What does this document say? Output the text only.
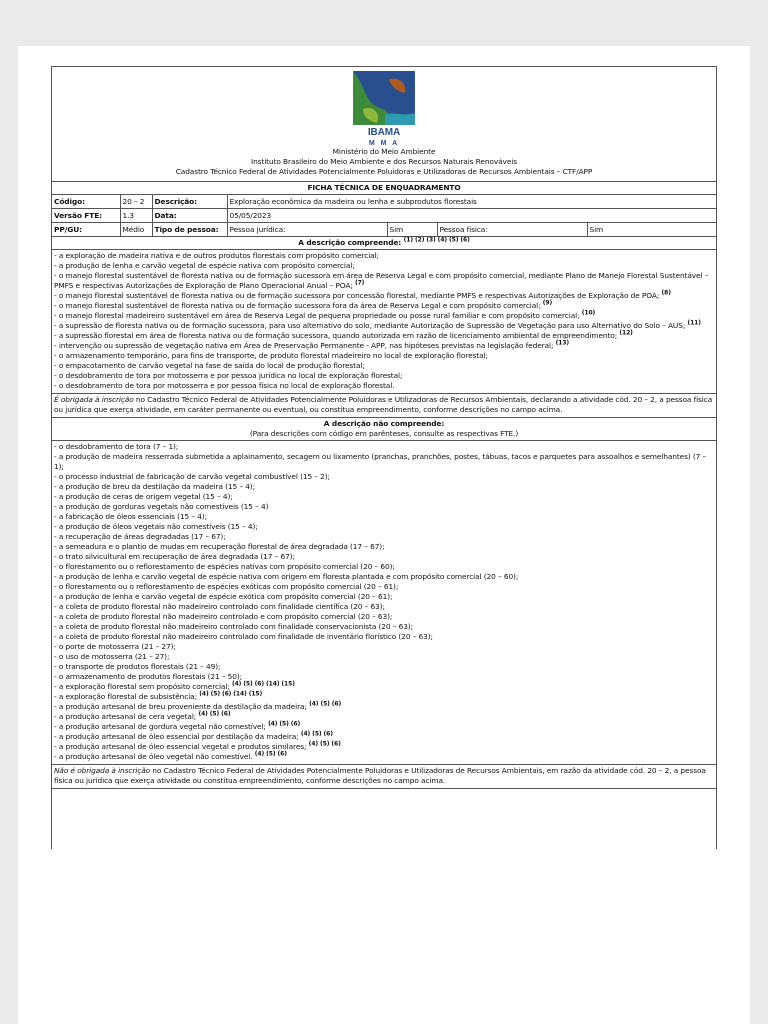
IBAMA
M M A
Ministério do Meio Ambiente
Instituto Brasileiro do Meio Ambiente e dos Recursos Naturais Renováveis
Cadastro Técnico Federal de Atividades Potencialmente Poluidoras e Utilizadoras de Recursos Ambientais – CTF/APP
FICHA TÉCNICA DE ENQUADRAMENTO
Código:	20 – 2	Descrição:	Exploração econômica da madeira ou lenha e subprodutos florestais			
Versão FTE:	1.3	Data:	05/05/2023			
PP/GU:	Médio	Tipo de pessoa:	Pessoa jurídica:	Sim	Pessoa física:	Sim
A descrição compreende: $^{(1) (2) (3) (4) (5) (6)}$
- a exploração de madeira nativa e de outros produtos florestais com propósito comercial;
- a produção de lenha e carvão vegetal de espécie nativa com propósito comercial;
- o manejo florestal sustentável de floresta nativa ou de formação sucessora em área de Reserva Legal e com propósito comercial, mediante Plano de Manejo Florestal Sustentável – PMFS e respectivas Autorizações de Exploração de Plano Operacional Anual – POA; $^{(7)}$
- o manejo florestal sustentável de floresta nativa ou de formação sucessora por concessão florestal, mediante PMFS e respectivas Autorizações de Exploração de POA; $^{(8)}$
- o manejo florestal sustentável de floresta nativa ou de formação sucessora fora da área de Reserva Legal e com propósito comercial; $^{(9)}$
- o manejo florestal madeireiro sustentável em área de Reserva Legal de pequena propriedade ou posse rural familiar e com propósito comercial; $^{(10)}$
- a supressão de floresta nativa ou de formação sucessora, para uso alternativo do solo, mediante Autorização de Supressão de Vegetação para uso Alternativo do Solo – AUS; $^{(11)}$
- a supressão florestal em área de floresta nativa ou de formação sucessora, quando autorizada em razão de licenciamento ambiental de empreendimento; $^{(12)}$
- intervenção ou supressão de vegetação nativa em Área de Preservação Permanente - APP, nas hipóteses previstas na legislação federal; $^{(13)}$
- o armazenamento temporário, para fins de transporte, de produto florestal madeireiro no local de exploração florestal;
- o empacotamento de carvão vegetal na fase de saída do local de produção florestal;
- o desdobramento de tora por motosserra e por pessoa jurídica no local de exploração florestal;
- o desdobramento de tora por motosserra e por pessoa física no local de exploração florestal.
É obrigada à inscrição no Cadastro Técnico Federal de Atividades Potencialmente Poluidoras e Utilizadoras de Recursos Ambientais, declarando a atividade cód. 20 – 2, a pessoa física ou jurídica que exerça atividade, em caráter permanente ou eventual, ou constitua empreendimento, conforme descrições no campo acima.
A descrição não compreende:
(Para descrições com código em parênteses, consulte as respectivas FTE.)
- o desdobramento de tora (7 – 1);
- a produção de madeira resserrada submetida a aplainamento, secagem ou lixamento (pranchas, pranchões, postes, tábuas, tacos e parquetes para assoalhos e semelhantes) (7 – 1);
- o processo industrial de fabricação de carvão vegetal combustível (15 – 2);
- a produção de breu da destilação da madeira (15 – 4);
- a produção de ceras de origem vegetal (15 – 4);
- a produção de gorduras vegetais não comestíveis (15 – 4)
- a fabricação de óleos essenciais (15 – 4);
- a produção de óleos vegetais não comestíveis (15 – 4);
- a recuperação de áreas degradadas (17 – 67);
- a semeadura e o plantio de mudas em recuperação florestal de área degradada (17 – 67);
- o trato silvicultural em recuperação de área degradada (17 – 67);
- o florestamento ou o reflorestamento de espécies nativas com propósito comercial (20 – 60);
- a produção de lenha e carvão vegetal de espécie nativa com origem em floresta plantada e com propósito comercial (20 – 60);
- o florestamento ou o reflorestamento de espécies exóticas com propósito comercial (20 – 61);
- a produção de lenha e carvão vegetal de espécie exótica com propósito comercial (20 – 61);
- a coleta de produto florestal não madeireiro controlado com finalidade científica (20 – 63);
- a coleta de produto florestal não madeireiro controlado e com propósito comercial (20 – 63);
- a coleta de produto florestal não madeireiro controlado com finalidade conservacionista (20 – 63);
- a coleta de produto florestal não madeireiro controlado com finalidade de inventário florístico (20 – 63);
- o porte de motosserra (21 – 27);
- o uso de motosserra (21 – 27);
- o transporte de produtos florestais (21 – 49);
- o armazenamento de produtos florestais (21 – 50);
- a exploração florestal sem propósito comercial; $^{(4) (5) (6) (14) (15)}$
- a exploração florestal de subsistência; $^{(4) (5) (6) (14) (15)}$
- a produção artesanal de breu proveniente da destilação da madeira; $^{(4) (5) (6)}$
- a produção artesanal de cera vegetal; $^{(4) (5) (6)}$
- a produção artesanal de gordura vegetal não comestível; $^{(4) (5) (6)}$
- a produção artesanal de óleo essencial por destilação da madeira; $^{(4) (5) (6)}$
- a produção artesanal de óleo essencial vegetal e produtos similares; $^{(4) (5) (6)}$
- a produção artesanal de óleo vegetal não comestível. $^{(4) (5) (6)}$
Não é obrigada à inscrição no Cadastro Técnico Federal de Atividades Potencialmente Poluidoras e Utilizadoras de Recursos Ambientais, em razão da atividade cód. 20 – 2, a pessoa física ou jurídica que exerça atividade ou constitua empreendimento, conforme descrições no campo acima.
